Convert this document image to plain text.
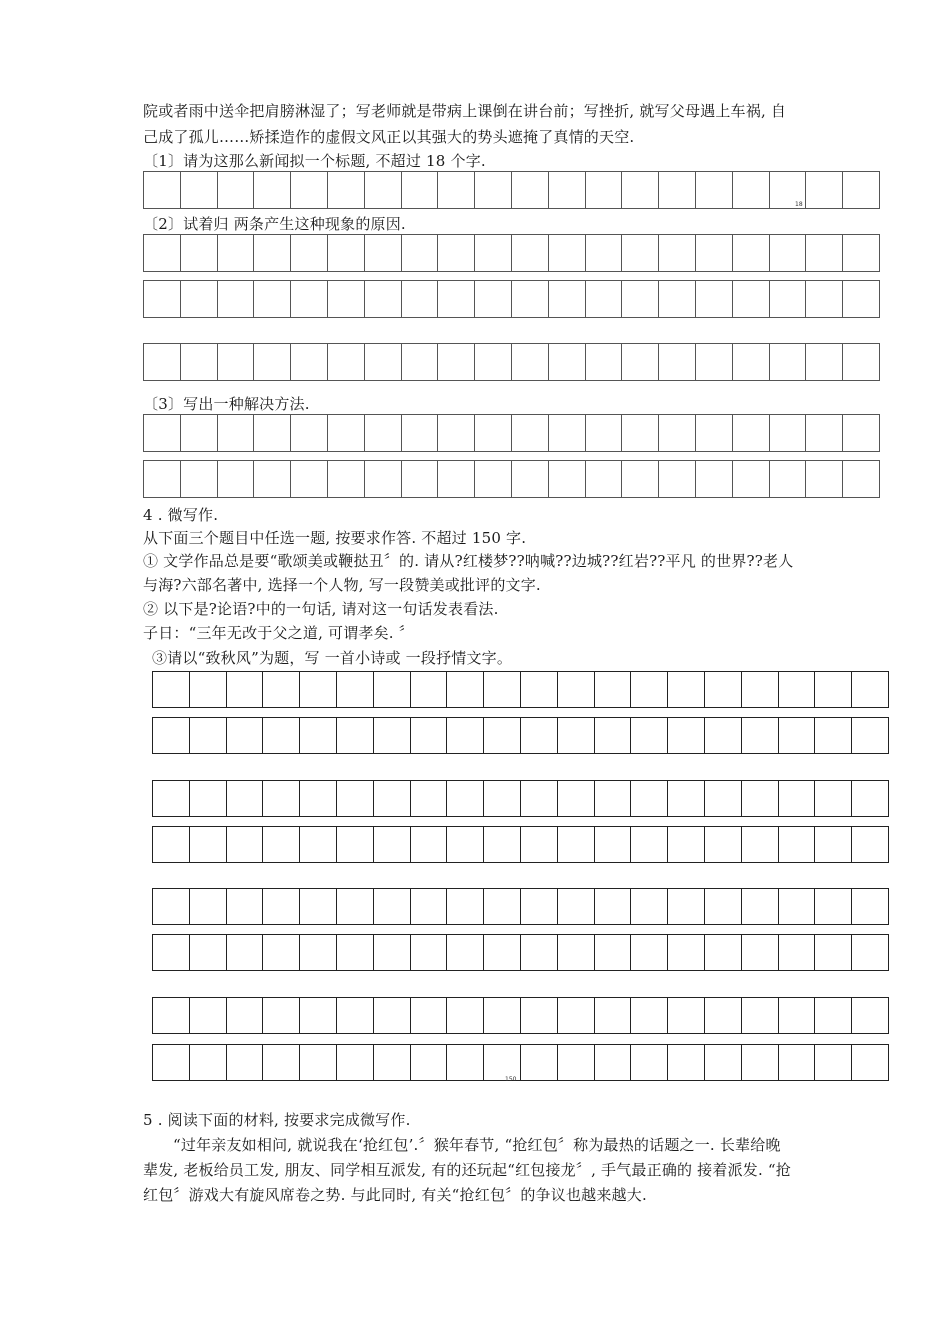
院或者雨中送伞把肩膀淋湿了；写老师就是带病上课倒在讲台前；写挫折, 就写父母遇上车祸, 自
己成了孤儿……矫揉造作的虚假文风正以其强大的势头遮掩了真情的天空.
〔1〕请为这那么新闻拟一个标题, 不超过 18 个字.
18
〔2〕试着归 两条产生这种现象的原因.
〔3〕写出一种解决方法.
4 . 微写作.
从下面三个题目中任选一题, 按要求作答. 不超过 150 字.
① 文学作品总是要“歌颂美或鞭挞丑〞的. 请从?红楼梦??呐喊??边城??红岩??平凡 的世界??老人
与海?六部名著中, 选择一个人物, 写一段赞美或批评的文字.
② 以下是?论语?中的一句话, 请对这一句话发表看法.
子日：“三年无改于父之道, 可谓孝矣. 〞
③请以“致秋风”为题，写 一首小诗或 一段抒情文字。
150
5 . 阅读下面的材料, 按要求完成微写作.
“过年亲友如相问, 就说我在‘抢红包’.〞猴年春节, “抢红包〞称为最热的话题之一. 长辈给晚
辈发, 老板给员工发, 朋友、同学相互派发, 有的还玩起“红包接龙〞, 手气最正确的 接着派发. “抢
红包〞游戏大有旋风席卷之势. 与此同时, 有关“抢红包〞的争议也越来越大.
